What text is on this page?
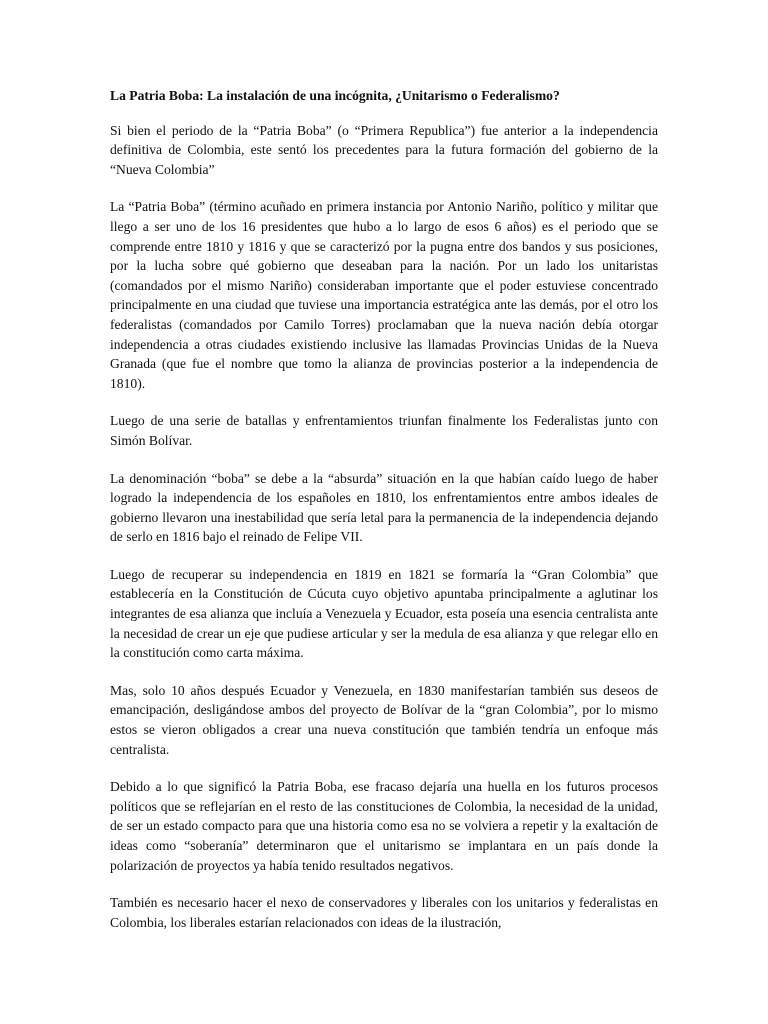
La Patria Boba: La instalación de una incógnita, ¿Unitarismo o Federalismo?

Si bien el periodo de la “Patria Boba” (o “Primera Republica”) fue anterior a la independencia definitiva de Colombia, este sentó los precedentes para la futura formación del gobierno de la “Nueva Colombia”

La “Patria Boba” (término acuñado en primera instancia por Antonio Nariño, político y militar que llego a ser uno de los 16 presidentes que hubo a lo largo de esos 6 años) es el periodo que se comprende entre 1810 y 1816 y que se caracterizó por la pugna entre dos bandos y sus posiciones, por la lucha sobre qué gobierno que deseaban para la nación. Por un lado los unitaristas (comandados por el mismo Nariño) consideraban importante que el poder estuviese concentrado principalmente en una ciudad que tuviese una importancia estratégica ante las demás, por el otro los federalistas (comandados por Camilo Torres) proclamaban que la nueva nación debía otorgar independencia a otras ciudades existiendo inclusive las llamadas Provincias Unidas de la Nueva Granada (que fue el nombre que tomo la alianza de provincias posterior a la independencia de 1810).

Luego de una serie de batallas y enfrentamientos triunfan finalmente los Federalistas junto con Simón Bolívar.

La denominación “boba” se debe a la “absurda” situación en la que habían caído luego de haber logrado la independencia de los españoles en 1810, los enfrentamientos entre ambos ideales de gobierno llevaron una inestabilidad que sería letal para la permanencia de la independencia dejando de serlo en 1816 bajo el reinado de Felipe VII.

Luego de recuperar su independencia en 1819 en 1821 se formaría la “Gran Colombia” que establecería en la Constitución de Cúcuta cuyo objetivo apuntaba principalmente a aglutinar los integrantes de esa alianza que incluía a Venezuela y Ecuador, esta poseía una esencia centralista ante la necesidad de crear un eje que pudiese articular y ser la medula de esa alianza y que relegar ello en la constitución como carta máxima.

Mas, solo 10 años después Ecuador y Venezuela, en 1830 manifestarían también sus deseos de emancipación, desligándose ambos del proyecto de Bolívar de la “gran Colombia”, por lo mismo estos se vieron obligados a crear una nueva constitución que también tendría un enfoque más centralista.

Debido a lo que significó la Patria Boba, ese fracaso dejaría una huella en los futuros procesos políticos que se reflejarían en el resto de las constituciones de Colombia, la necesidad de la unidad, de ser un estado compacto para que una historia como esa no se volviera a repetir y la exaltación de ideas como “soberanía” determinaron que el unitarismo se implantara en un país donde la polarización de proyectos ya había tenido resultados negativos.

También es necesario hacer el nexo de conservadores y liberales con los unitarios y federalistas en Colombia, los liberales estarían relacionados con ideas de la ilustración,
